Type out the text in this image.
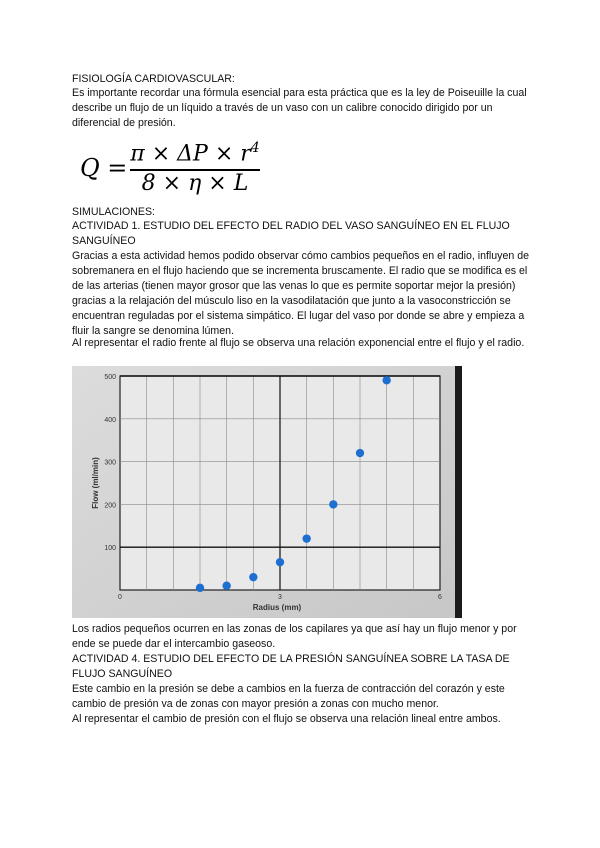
FISIOLOGÍA CARDIOVASCULAR:

Es importante recordar una fórmula esencial para esta práctica que es la ley de Poiseuille la cual describe un flujo de un líquido a través de un vaso con un calibre conocido dirigido por un diferencial de presión.

Q =
$\pi \times \Delta P \times r^4$
8 × η × L

SIMULACIONES:

ACTIVIDAD 1. ESTUDIO DEL EFECTO DEL RADIO DEL VASO SANGUÍNEO EN EL FLUJO SANGUÍNEO

Gracias a esta actividad hemos podido observar cómo cambios pequeños en el radio, influyen de sobremanera en el flujo haciendo que se incrementa bruscamente. El radio que se modifica es el de las arterias (tienen mayor grosor que las venas lo que es permite soportar mejor la presión) gracias a la relajación del músculo liso en la vasodilatación que junto a la vasoconstricción se encuentran reguladas por el sistema simpático. El lugar del vaso por donde se abre y empieza a fluir la sangre se denomina lúmen.

Al representar el radio frente al flujo se observa una relación exponencial entre el flujo y el radio.

100
200
300
400
500
0	3	6
Radius (mm)
Flow (ml/min)

Los radios pequeños ocurren en las zonas de los capilares ya que así hay un flujo menor y por ende se puede dar el intercambio gaseoso.

ACTIVIDAD 4. ESTUDIO DEL EFECTO DE LA PRESIÓN SANGUÍNEA SOBRE LA TASA DE FLUJO SANGUÍNEO

Este cambio en la presión se debe a cambios en la fuerza de contracción del corazón y este cambio de presión va de zonas con mayor presión a zonas con mucho menor.

Al representar el cambio de presión con el flujo se observa una relación lineal entre ambos.
